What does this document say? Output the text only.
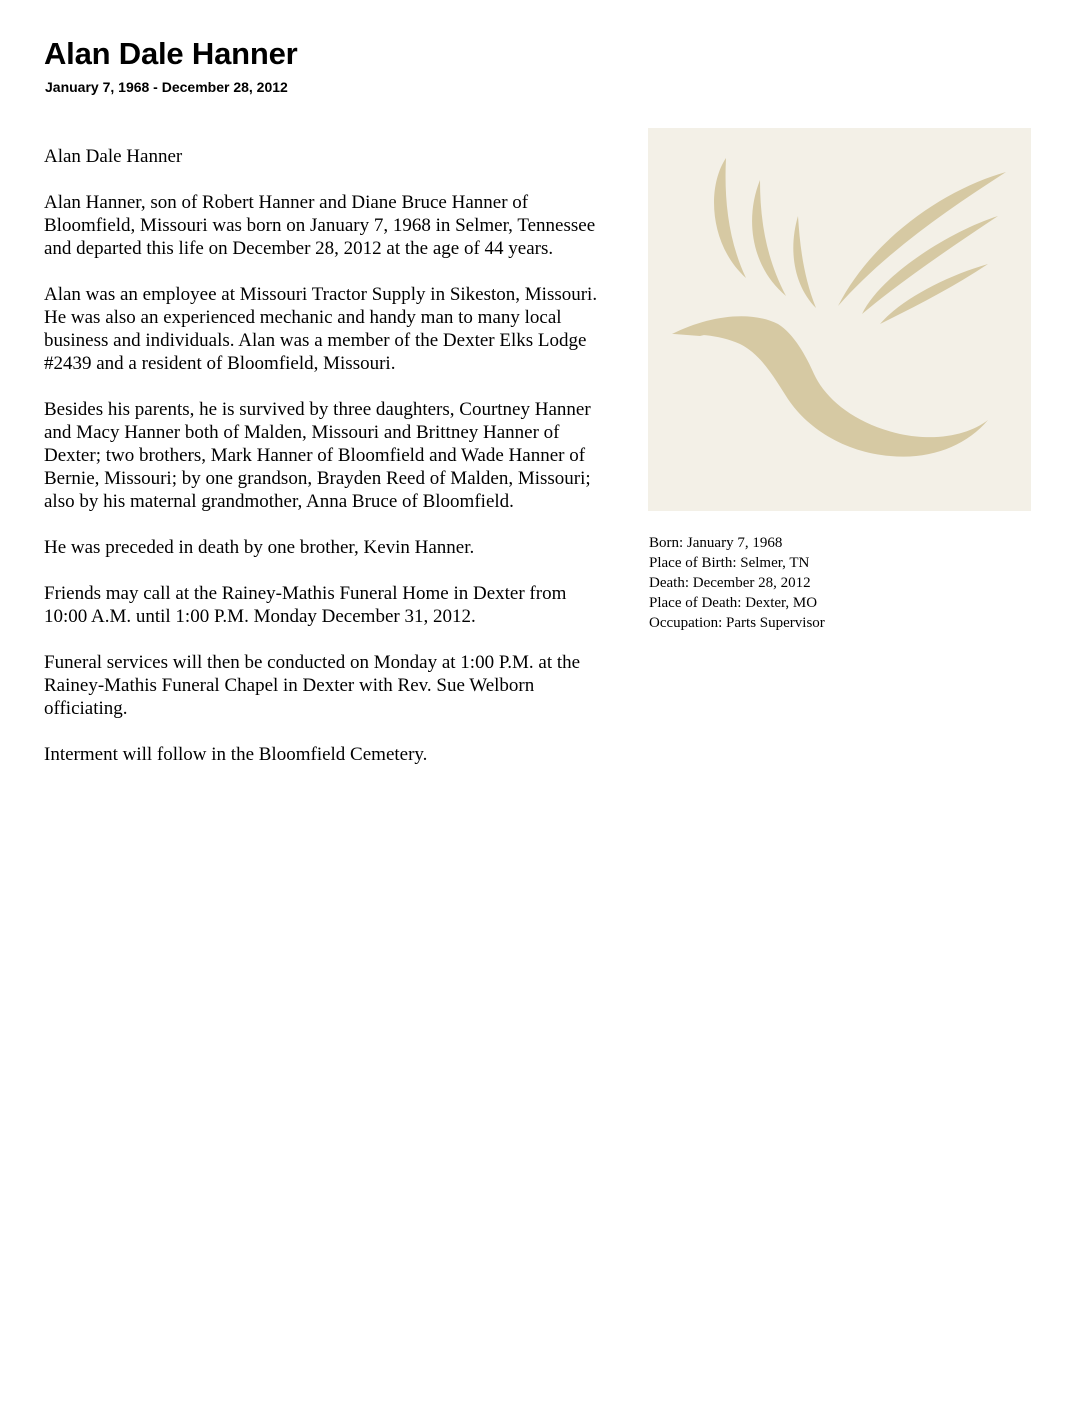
Alan Dale Hanner
January 7, 1968 - December 28, 2012

Alan Dale Hanner

Alan Hanner, son of Robert Hanner and Diane Bruce Hanner of Bloomfield, Missouri was born on January 7, 1968 in Selmer, Tennessee and departed this life on December 28, 2012 at the age of 44 years.

Alan was an employee at Missouri Tractor Supply in Sikeston, Missouri. He was also an experienced mechanic and handy man to many local business and individuals. Alan was a member of the Dexter Elks Lodge #2439 and a resident of Bloomfield, Missouri.

Besides his parents, he is survived by three daughters, Courtney Hanner and Macy Hanner both of Malden, Missouri and Brittney Hanner of Dexter; two brothers, Mark Hanner of Bloomfield and Wade Hanner of Bernie, Missouri; by one grandson, Brayden Reed of Malden, Missouri; also by his maternal grandmother, Anna Bruce of Bloomfield.

He was preceded in death by one brother, Kevin Hanner.

Friends may call at the Rainey-Mathis Funeral Home in Dexter from 10:00 A.M. until 1:00 P.M. Monday December 31, 2012.

Funeral services will then be conducted on Monday at 1:00 P.M. at the Rainey-Mathis Funeral Chapel in Dexter with Rev. Sue Welborn officiating.

Interment will follow in the Bloomfield Cemetery.

Born: January 7, 1968
Place of Birth: Selmer, TN
Death: December 28, 2012
Place of Death: Dexter, MO
Occupation: Parts Supervisor
